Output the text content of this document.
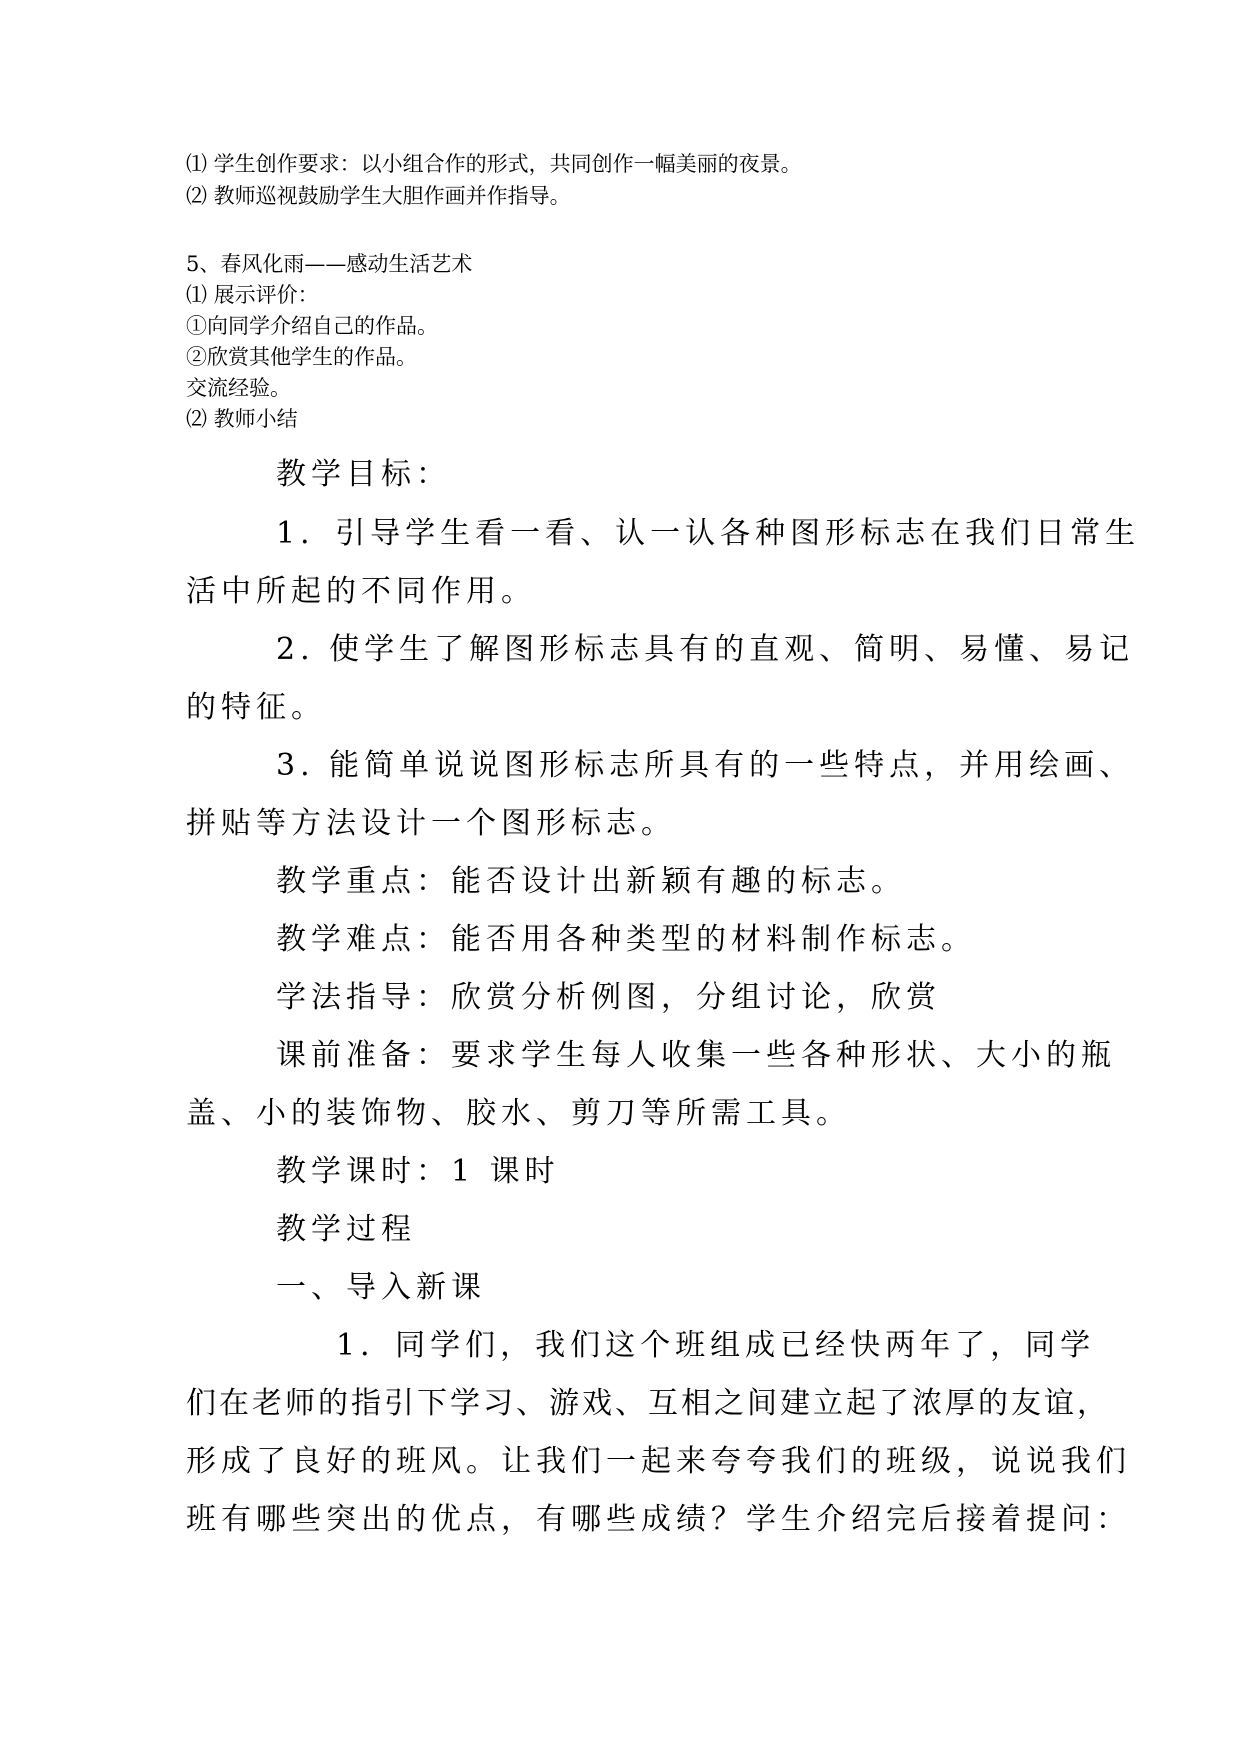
⑴ 学生创作要求：以小组合作的形式，共同创作一幅美丽的夜景。
⑵ 教师巡视鼓励学生大胆作画并作指导。
5、春风化雨——感动生活艺术
⑴ 展示评价：
①向同学介绍自己的作品。
②欣赏其他学生的作品。
交流经验。
⑵ 教师小结
教学目标：
1．引导学生看一看、认一认各种图形标志在我们日常生
活中所起的不同作用。
2. 使学生了解图形标志具有的直观、简明、易懂、易记
的特征。
3. 能简单说说图形标志所具有的一些特点，并用绘画、
拼贴等方法设计一个图形标志。
教学重点：能否设计出新颖有趣的标志。
教学难点：能否用各种类型的材料制作标志。
学法指导：欣赏分析例图，分组讨论，欣赏
课前准备：要求学生每人收集一些各种形状、大小的瓶
盖、小的装饰物、胶水、剪刀等所需工具。
教学课时：1 课时
教学过程
一、导入新课
1．同学们，我们这个班组成已经快两年了，同学
们在老师的指引下学习、游戏、互相之间建立起了浓厚的友谊，
形成了良好的班风。让我们一起来夸夸我们的班级，说说我们
班有哪些突出的优点，有哪些成绩？学生介绍完后接着提问：
